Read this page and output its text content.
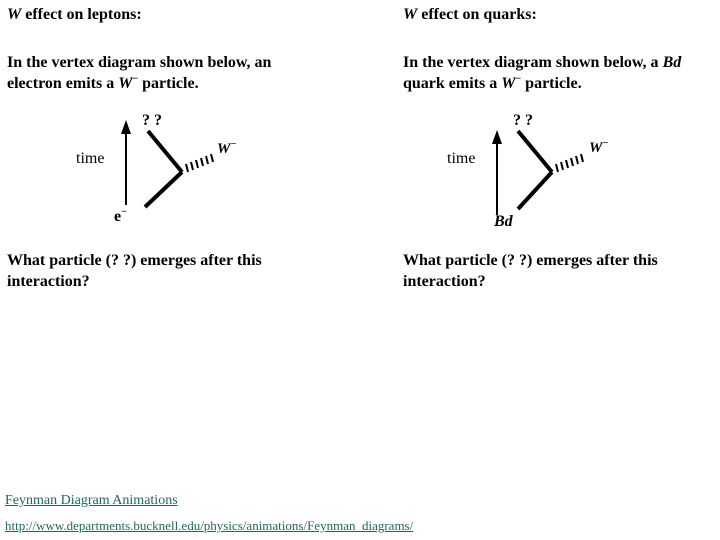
W effect on leptons:
In the vertex diagram shown below, an electron emits a W− particle.
? ?
time
W−
e−
What particle (? ?) emerges after this interaction?
W effect on quarks:
In the vertex diagram shown below, a Bd quark emits a W− particle.
? ?
time
W−
Bd
What particle (? ?) emerges after this interaction?
Feynman Diagram Animations
http://www.departments.bucknell.edu/physics/animations/Feynman_diagrams/
